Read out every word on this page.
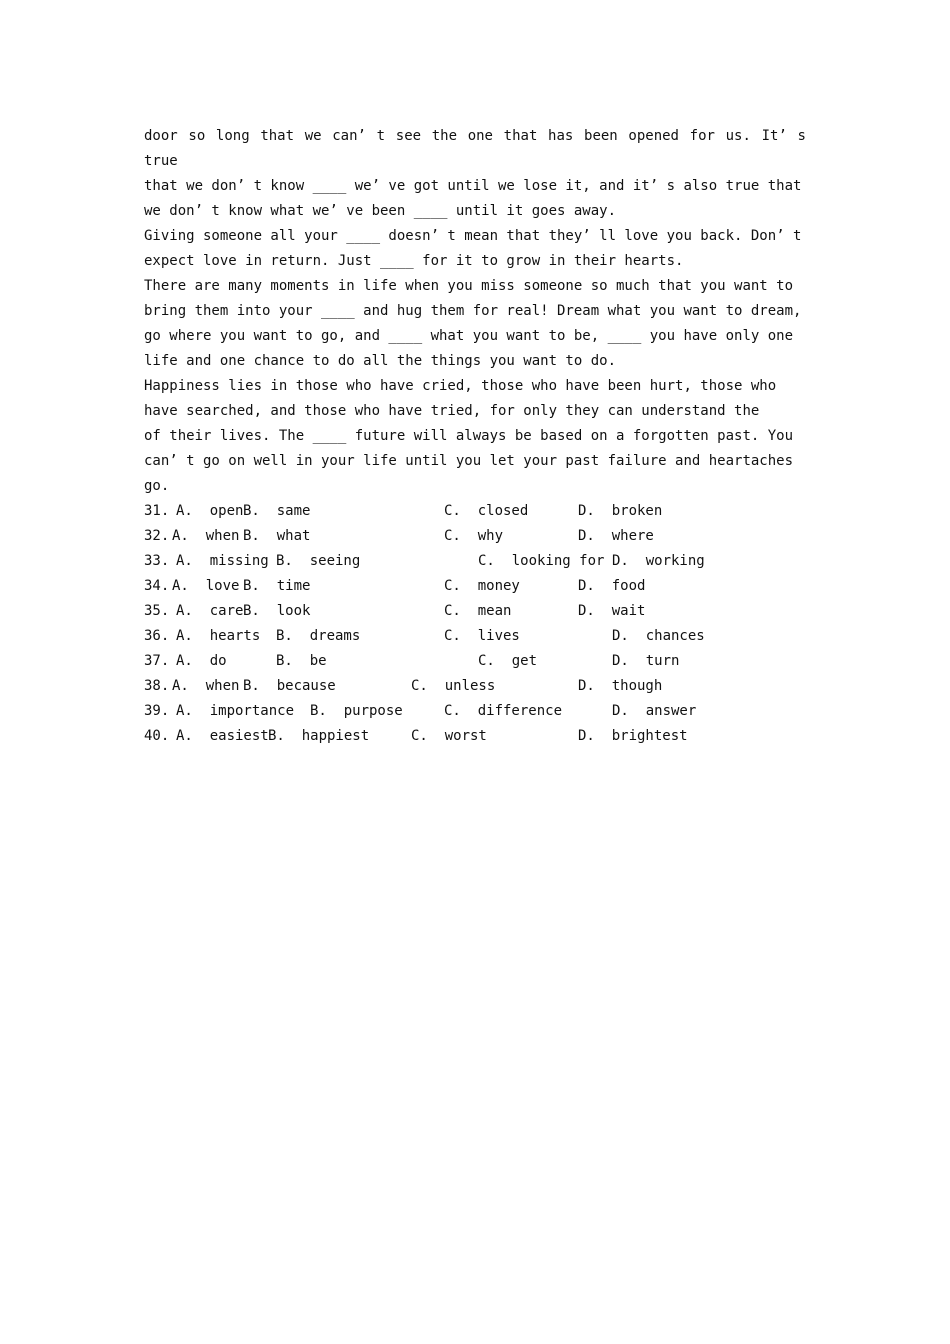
door so long that we can’ t see the one that has been opened for us. It’ s true

that we don’ t know ____ we’ ve got until we lose it, and it’ s also true that

we don’ t know what we’ ve been ____ until it goes away.

Giving someone all your ____ doesn’ t mean that they’ ll love you back. Don’ t

expect love in return. Just ____ for it to grow in their hearts.

There are many moments in life when you miss someone so much that you want to

bring them into your ____ and hug them for real! Dream what you want to dream,

go where you want to go, and ____ what you want to be, ____ you have only one

life and one chance to do all the things you want to do.

Happiness lies in those who have cried, those who have been hurt, those who

have searched, and those who have tried, for only they can understand the

of their lives. The ____ future will always be based on a forgotten past. You

can’ t go on well in your life until you let your past failure and heartaches

go.

31.

A.  open

B.  same

	C.  closed

	D.  broken

32.

A.  when

B.  what

	C.  why

	D.  where

33.

A.  missing

B.  seeing

	C.  looking for

D.  working

34.

A.  love

B.  time

	C.  money

	D.  food

35.

A.  care

B.  look

	C.  mean

	D.  wait

36.

A.  hearts

B.  dreams

	C.  lives

	D.  chances

37.

A.  do

	B.  be

	C.  get

	D.  turn

38.

A.  when

B.  because

	C.  unless

	D.  though

39.

A.  importance

B.  purpose

	C.  difference

	D.  answer

40.

A.  easiest

B.  happiest

	C.  worst

	D.  brightest
